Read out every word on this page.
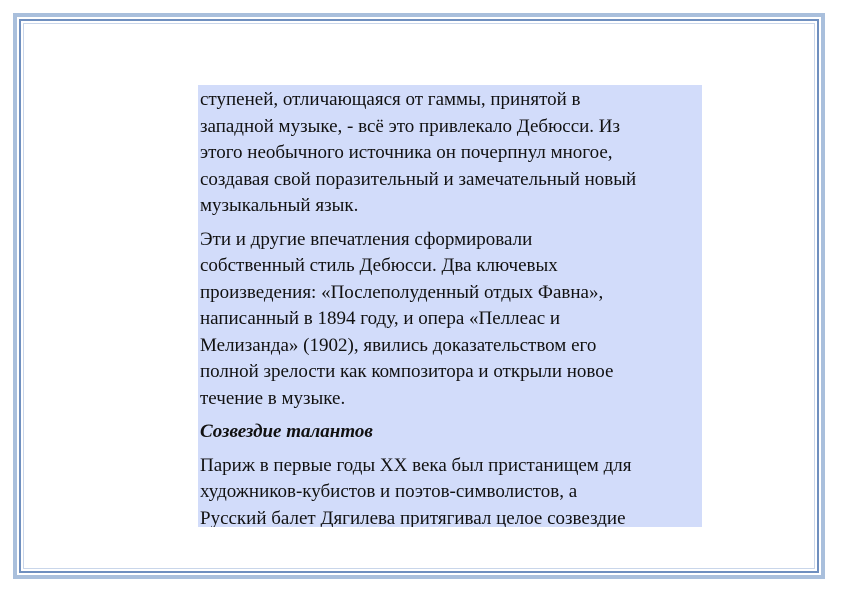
ступеней, отличающаяся от гаммы, принятой в
западной музыке, - всё это привлекало Дебюсси. Из
этого необычного источника он почерпнул многое,
создавая свой поразительный и замечательный новый
музыкальный язык.
Эти и другие впечатления сформировали
собственный стиль Дебюсси. Два ключевых
произведения: «Послеполуденный отдых Фавна»,
написанный в 1894 году, и опера «Пеллеас и
Мелизанда» (1902), явились доказательством его
полной зрелости как композитора и открыли новое
течение в музыке.
Созвездие талантов
Париж в первые годы XX века был пристанищем для
художников-кубистов и поэтов-символистов, а
Русский балет Дягилева притягивал целое созвездие
